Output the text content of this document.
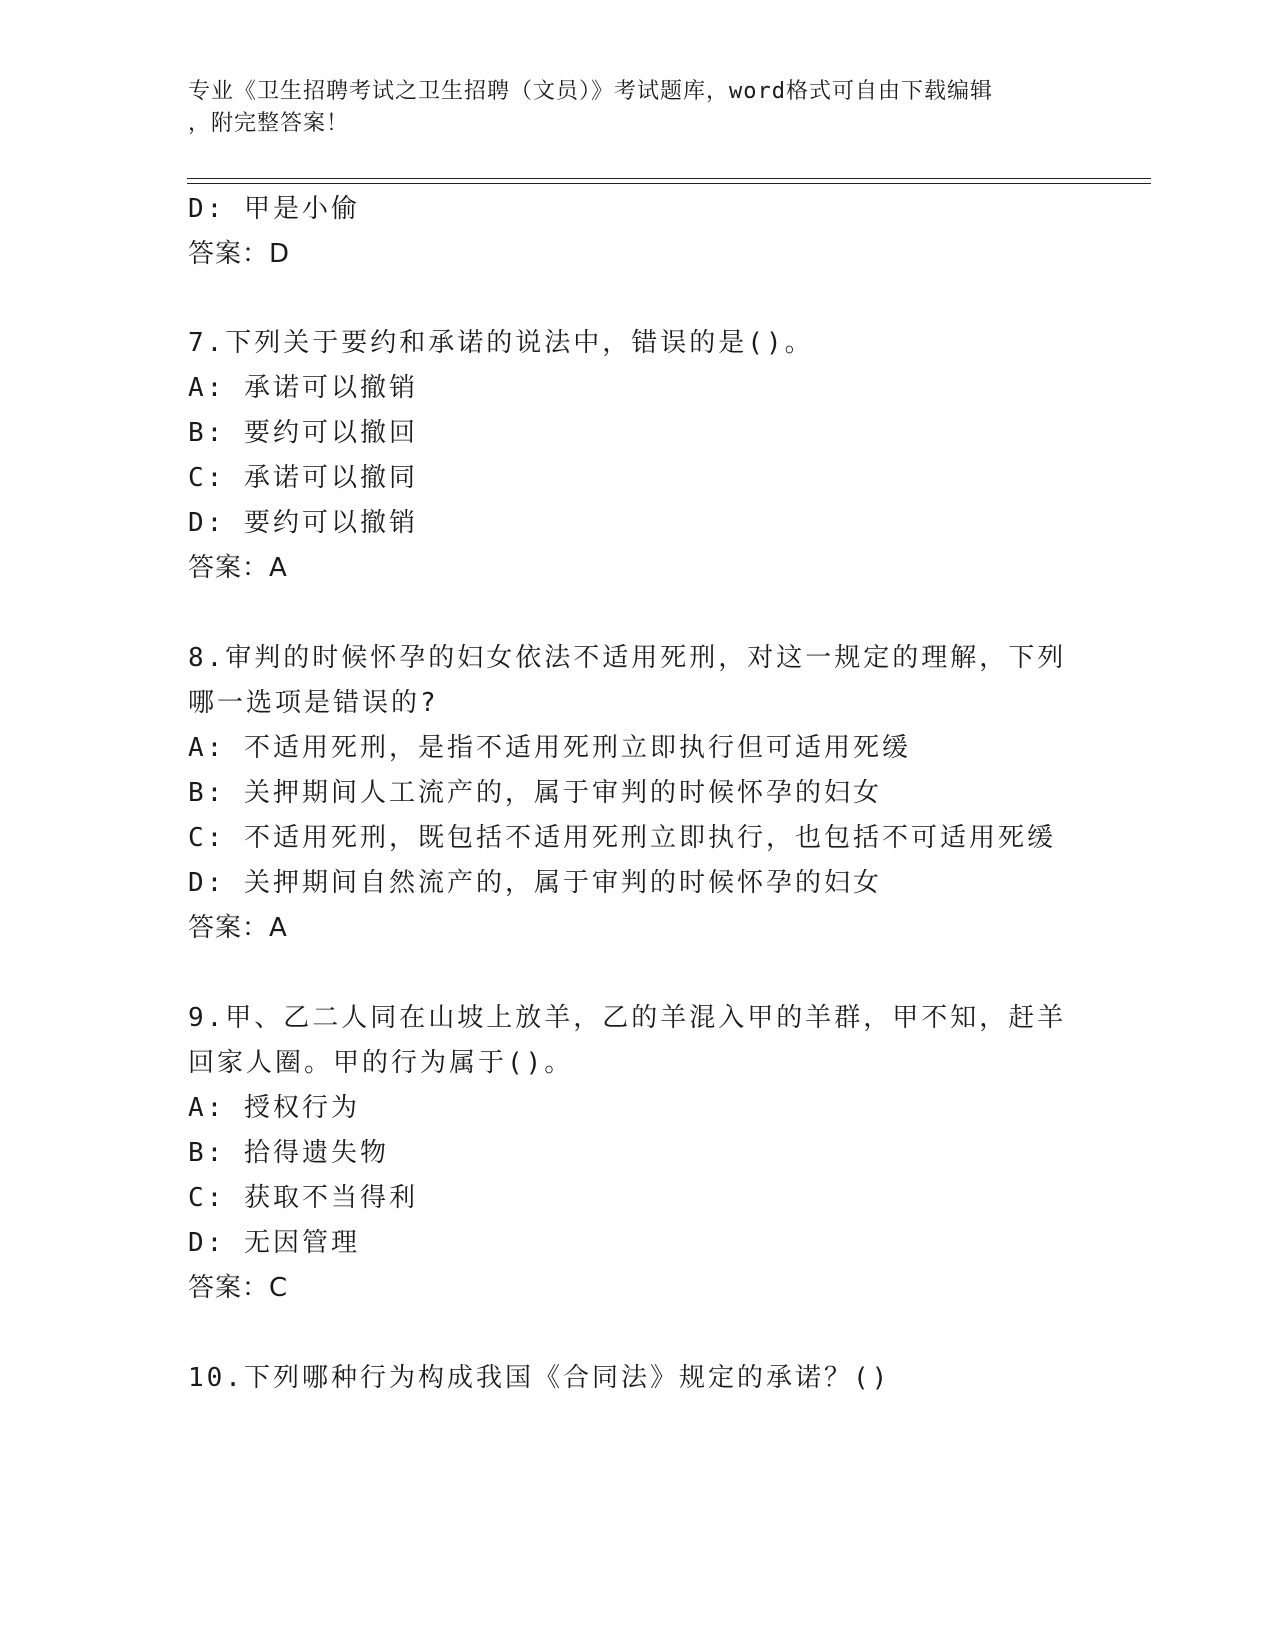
专业《卫生招聘考试之卫生招聘（文员）》考试题库，word格式可自由下载编辑
，附完整答案！
D: 甲是小偷
答案：D
7.下列关于要约和承诺的说法中，错误的是()。
A: 承诺可以撤销
B: 要约可以撤回
C: 承诺可以撤同
D: 要约可以撤销
答案：A
8.审判的时候怀孕的妇女依法不适用死刑，对这一规定的理解，下列
哪一选项是错误的?
A: 不适用死刑，是指不适用死刑立即执行但可适用死缓
B: 关押期间人工流产的，属于审判的时候怀孕的妇女
C: 不适用死刑，既包括不适用死刑立即执行，也包括不可适用死缓
D: 关押期间自然流产的，属于审判的时候怀孕的妇女
答案：A
9.甲、乙二人同在山坡上放羊，乙的羊混入甲的羊群，甲不知，赶羊
回家人圈。甲的行为属于()。
A: 授权行为
B: 拾得遗失物
C: 获取不当得利
D: 无因管理
答案：C
10.下列哪种行为构成我国《合同法》规定的承诺？()
